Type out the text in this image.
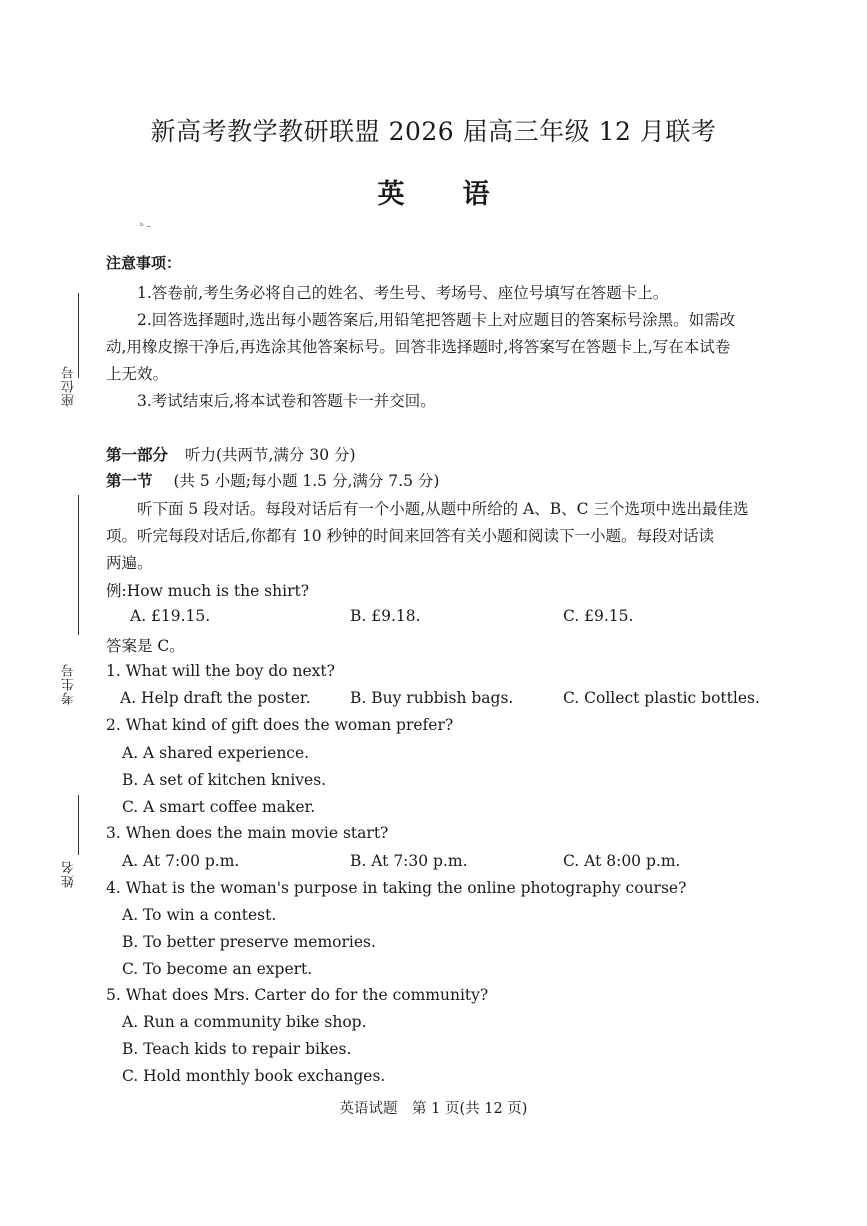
座位号
考生号
姓名
新高考教学教研联盟 2026 届高三年级 12 月联考
英语
ᵇ –
注意事项：
1.答卷前,考生务必将自己的姓名、考生号、考场号、座位号填写在答题卡上。
2.回答选择题时,选出每小题答案后,用铅笔把答题卡上对应题目的答案标号涂黑。如需改
动,用橡皮擦干净后,再选涂其他答案标号。回答非选择题时,将答案写在答题卡上,写在本试卷
上无效。
3.考试结束后,将本试卷和答题卡一并交回。
第一部分 听力(共两节,满分 30 分)
第一节 (共 5 小题;每小题 1.5 分,满分 7.5 分)
听下面 5 段对话。每段对话后有一个小题,从题中所给的 A、B、C 三个选项中选出最佳选
项。听完每段对话后,你都有 10 秒钟的时间来回答有关小题和阅读下一小题。每段对话读
两遍。
例:How much is the shirt?
A. £19.15.	B. £9.18.	C. £9.15.
答案是 C。
1. What will the boy do next?
A. Help draft the poster.	B. Buy rubbish bags.	C. Collect plastic bottles.
2. What kind of gift does the woman prefer?
A. A shared experience.
B. A set of kitchen knives.
C. A smart coffee maker.
3. When does the main movie start?
A. At 7:00 p.m.	B. At 7:30 p.m.	C. At 8:00 p.m.
4. What is the woman's purpose in taking the online photography course?
A. To win a contest.
B. To better preserve memories.
C. To become an expert.
5. What does Mrs. Carter do for the community?
A. Run a community bike shop.
B. Teach kids to repair bikes.
C. Hold monthly book exchanges.
英语试题　第 1 页(共 12 页)
